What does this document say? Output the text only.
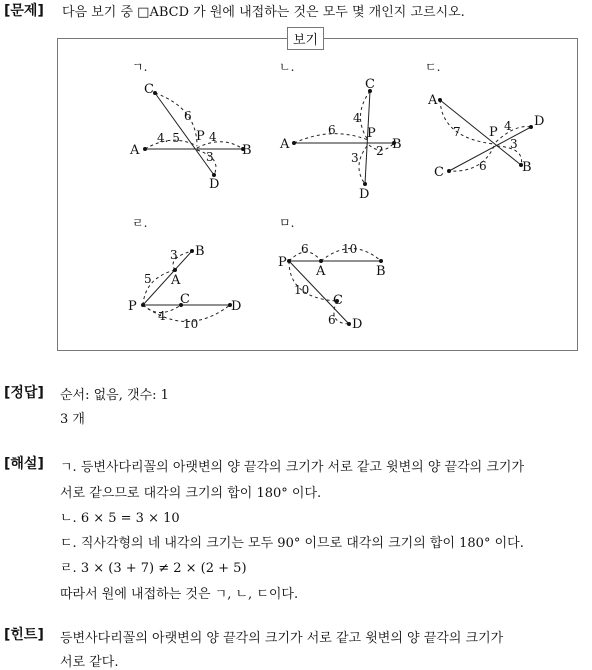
[문제] 다음 보기 중 □ABCD 가 원에 내접하는 것은 모두 몇 개인지 고르시오.
보기
ㄱ.	ㄴ.	ㄷ.
ㄹ.	ㅁ.
C
A
P
B
D
6
4. 5 4
3
C
A
P
B
D
6
4
2
3
A
D
P
C	B
7	4
3
6
B
A
P	C	D
3
5
4
10
P
A	B
C
D
6	10
10
6
[정답] 순서: 없음, 갯수: 1
3 개
[해설] ㄱ. 등변사다리꼴의 아랫변의 양 끝각의 크기가 서로 같고 윗변의 양 끝각의 크기가
서로 같으므로 대각의 크기의 합이 180° 이다.
ㄴ. 6 × 5 = 3 × 10
ㄷ. 직사각형의 네 내각의 크기는 모두 90° 이므로 대각의 크기의 합이 180° 이다.
ㄹ. 3 × (3 + 7) ≠ 2 × (2 + 5)
따라서 원에 내접하는 것은 ㄱ, ㄴ, ㄷ이다.
[힌트] 등변사다리꼴의 아랫변의 양 끝각의 크기가 서로 같고 윗변의 양 끝각의 크기가
서로 같다.
